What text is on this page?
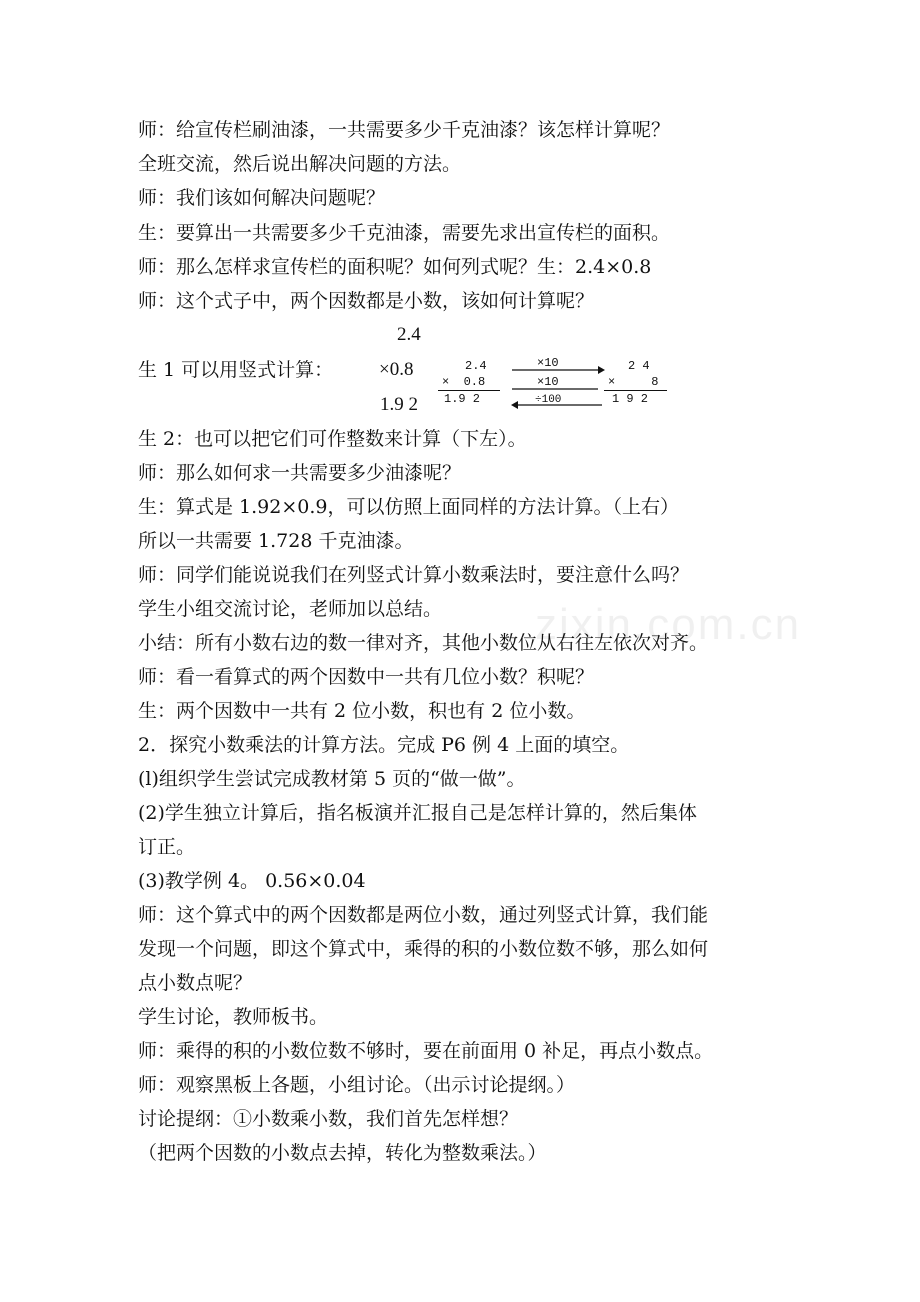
师：给宣传栏刷油漆，一共需要多少千克油漆？该怎样计算呢？
全班交流，然后说出解决问题的方法。
师：我们该如何解决问题呢？
生：要算出一共需要多少千克油漆，需要先求出宣传栏的面积。
师：那么怎样求宣传栏的面积呢？如何列式呢？生：2.4×0.8
师：这个式子中，两个因数都是小数，该如何计算呢？
2.4
生 1 可以用竖式计算： ×0.8
1.9 2
2.4
×  0.8
1.9 2
×10
×10
÷100
2 4
×     8
1 9 2
生 2：也可以把它们可作整数来计算（下左）。
师：那么如何求一共需要多少油漆呢？
生：算式是 1.92×0.9，可以仿照上面同样的方法计算。（上右）
所以一共需要 1.728 千克油漆。
师：同学们能说说我们在列竖式计算小数乘法时，要注意什么吗？
学生小组交流讨论，老师加以总结。
小结：所有小数右边的数一律对齐，其他小数位从右往左依次对齐。
师：看一看算式的两个因数中一共有几位小数？积呢？
生：两个因数中一共有 2 位小数，积也有 2 位小数。
2．探究小数乘法的计算方法。完成 P6 例 4 上面的填空。
(l)组织学生尝试完成教材第 5 页的“做一做”。
(2)学生独立计算后，指名板演并汇报自己是怎样计算的，然后集体
订正。
(3)教学例 4。 0.56×0.04
师：这个算式中的两个因数都是两位小数，通过列竖式计算，我们能
发现一个问题，即这个算式中，乘得的积的小数位数不够，那么如何
点小数点呢？
学生讨论，教师板书。
师：乘得的积的小数位数不够时，要在前面用 0 补足，再点小数点。
师：观察黑板上各题，小组讨论。（出示讨论提纲。）
讨论提纲：①小数乘小数，我们首先怎样想？
（把两个因数的小数点去掉，转化为整数乘法。）
zixin.com.cn
